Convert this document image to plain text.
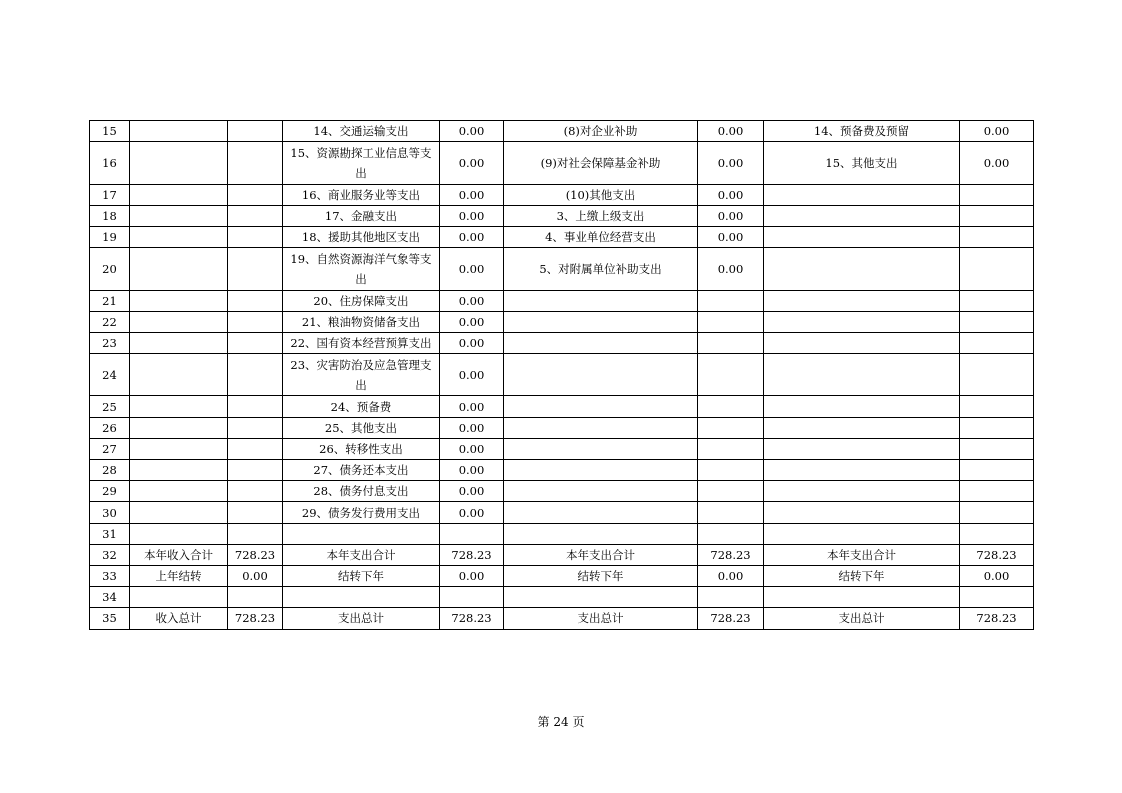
15			14、交通运输支出	0.00	(8)对企业补助	0.00	14、预备费及预留	0.00
16			15、资源勘探工业信息等支出	0.00	(9)对社会保障基金补助	0.00	15、其他支出	0.00
17			16、商业服务业等支出	0.00	(10)其他支出	0.00		
18			17、金融支出	0.00	3、上缴上级支出	0.00		
19			18、援助其他地区支出	0.00	4、事业单位经营支出	0.00		
20			19、自然资源海洋气象等支出	0.00	5、对附属单位补助支出	0.00		
21			20、住房保障支出	0.00				
22			21、粮油物资储备支出	0.00				
23			22、国有资本经营预算支出	0.00				
24			23、灾害防治及应急管理支出	0.00				
25			24、预备费	0.00				
26			25、其他支出	0.00				
27			26、转移性支出	0.00				
28			27、债务还本支出	0.00				
29			28、债务付息支出	0.00				
30			29、债务发行费用支出	0.00				
31								
32	本年收入合计	728.23	本年支出合计	728.23	本年支出合计	728.23	本年支出合计	728.23
33	上年结转	0.00	结转下年	0.00	结转下年	0.00	结转下年	0.00
34								
35	收入总计	728.23	支出总计	728.23	支出总计	728.23	支出总计	728.23
第 24 页
